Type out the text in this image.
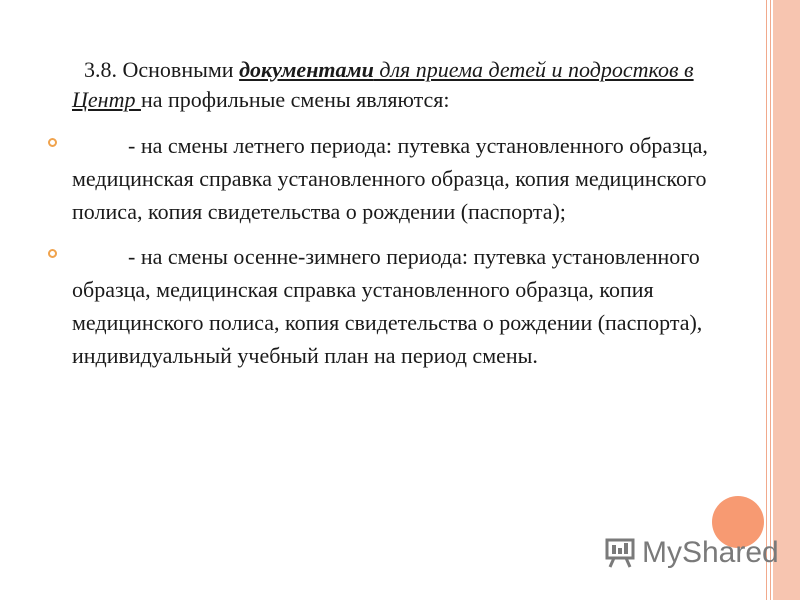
3.8. Основными документами для приема детей и подростков в Центр на профильные смены являются:

- на смены летнего периода: путевка установленного образца, медицинская справка установленного образца, копия медицинского полиса, копия свидетельства о рождении (паспорта);

- на смены осенне-зимнего периода: путевка установленного образца, медицинская справка установленного образца, копия медицинского полиса, копия свидетельства о рождении (паспорта), индивидуальный учебный план на период смены.

MyShared
